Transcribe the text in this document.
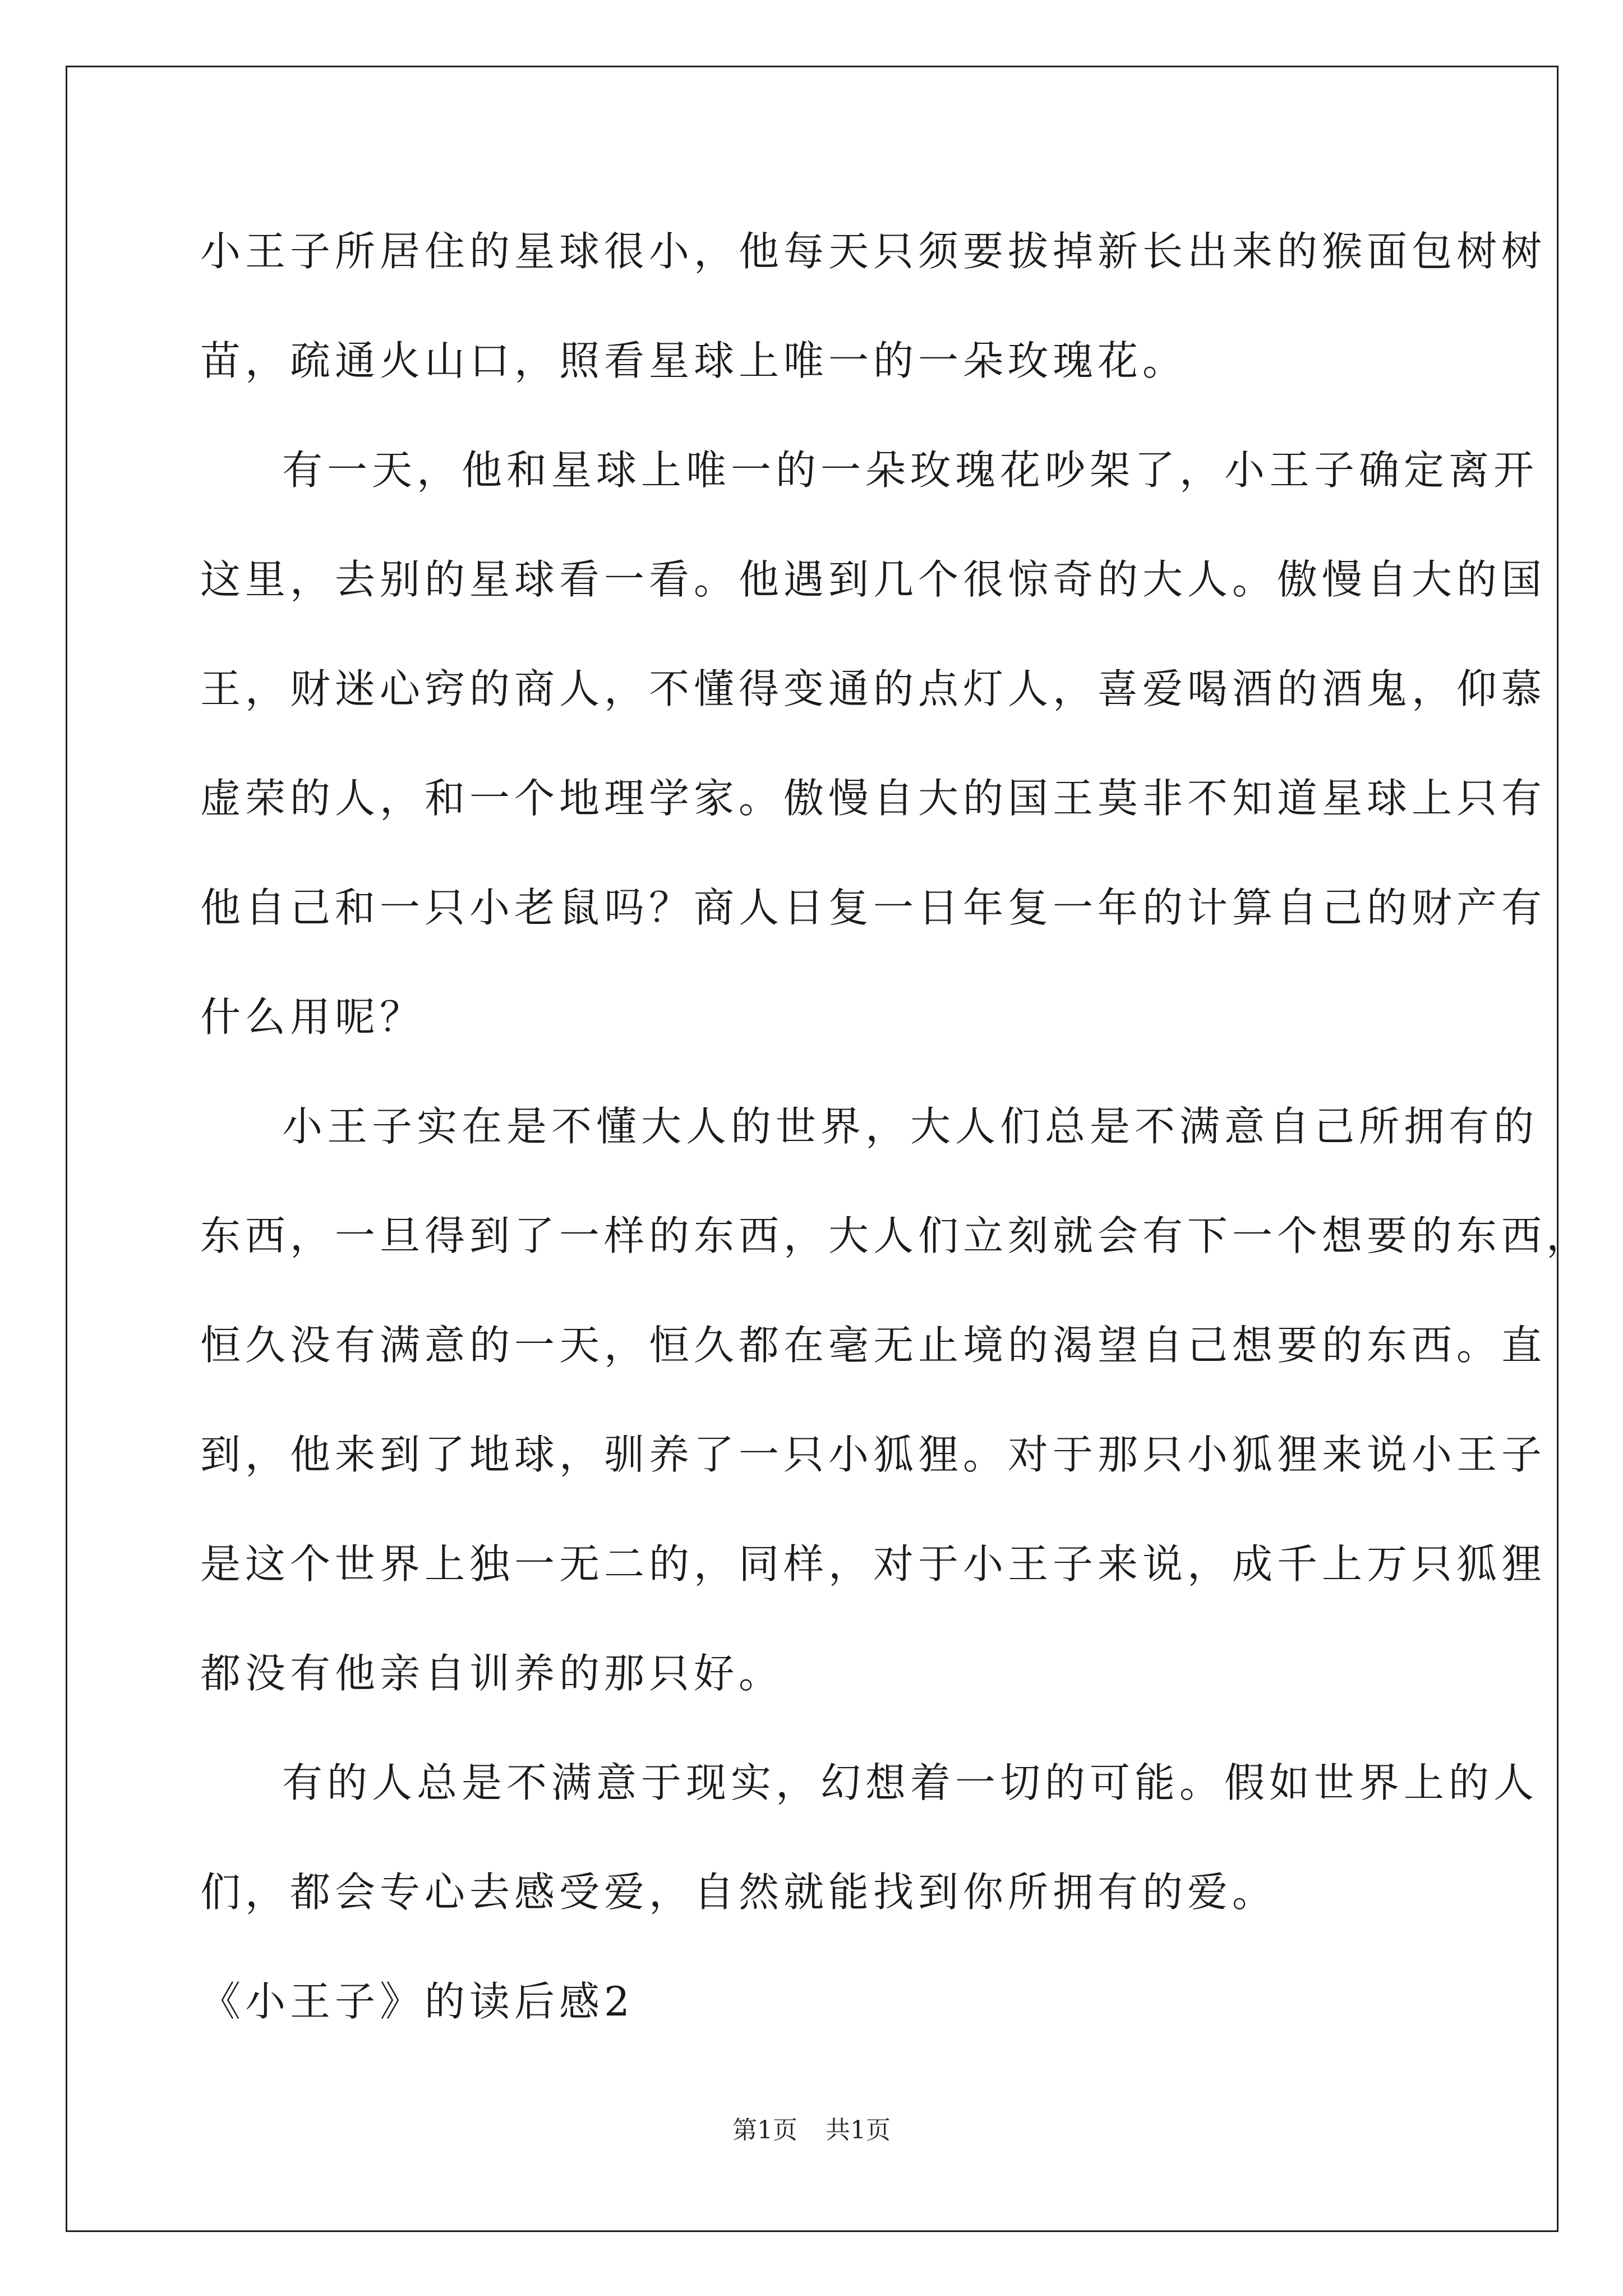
小王子所居住的星球很小，他每天只须要拔掉新长出来的猴面包树树
苗，疏通火山口，照看星球上唯一的一朵玫瑰花。
有一天，他和星球上唯一的一朵玫瑰花吵架了，小王子确定离开
这里，去别的星球看一看。他遇到几个很惊奇的大人。傲慢自大的国
王，财迷心窍的商人，不懂得变通的点灯人，喜爱喝酒的酒鬼，仰慕
虚荣的人，和一个地理学家。傲慢自大的国王莫非不知道星球上只有
他自己和一只小老鼠吗？商人日复一日年复一年的计算自己的财产有
什么用呢？
小王子实在是不懂大人的世界，大人们总是不满意自己所拥有的
东西，一旦得到了一样的东西，大人们立刻就会有下一个想要的东西，
恒久没有满意的一天，恒久都在毫无止境的渴望自己想要的东西。直
到，他来到了地球，驯养了一只小狐狸。对于那只小狐狸来说小王子
是这个世界上独一无二的，同样，对于小王子来说，成千上万只狐狸
都没有他亲自训养的那只好。
有的人总是不满意于现实，幻想着一切的可能。假如世界上的人
们，都会专心去感受爱，自然就能找到你所拥有的爱。
《小王子》的读后感2
第1页 共1页
